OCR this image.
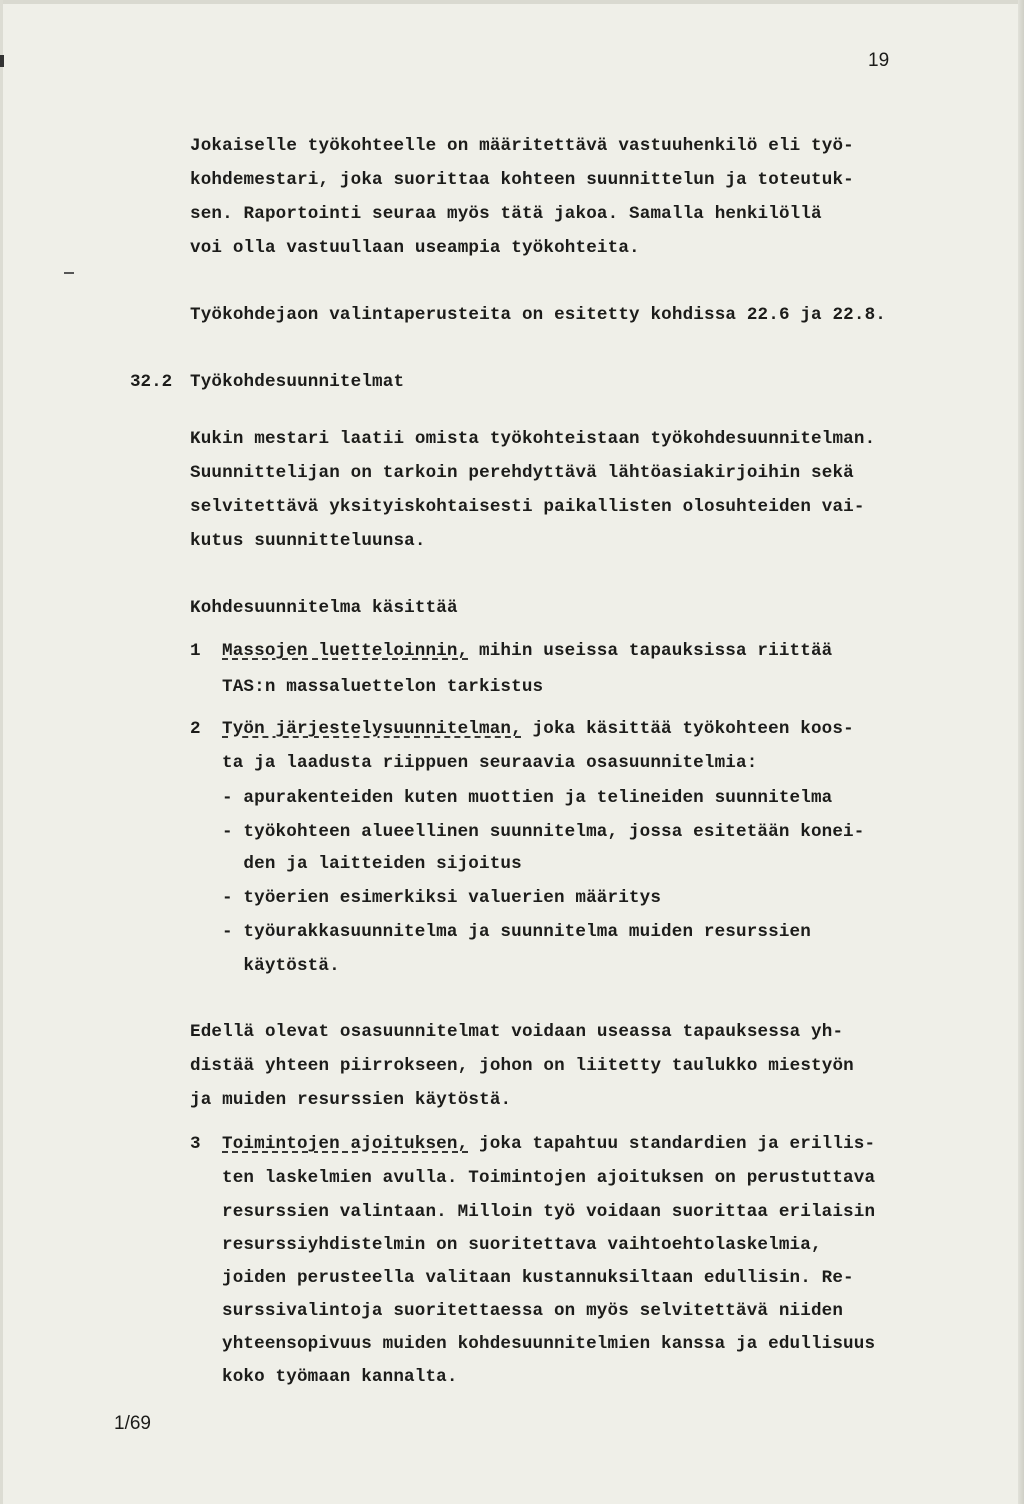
19
Jokaiselle työkohteelle on määritettävä vastuuhenkilö eli työ-
kohdemestari, joka suorittaa kohteen suunnittelun ja toteutuk-
sen. Raportointi seuraa myös tätä jakoa. Samalla henkilöllä
voi olla vastuullaan useampia työkohteita.
Työkohdejaon valintaperusteita on esitetty kohdissa 22.6 ja 22.8.
32.2 Työkohdesuunnitelmat
Kukin mestari laatii omista työkohteistaan työkohdesuunnitelman.
Suunnittelijan on tarkoin perehdyttävä lähtöasiakirjoihin sekä
selvitettävä yksityiskohtaisesti paikallisten olosuhteiden vai-
kutus suunnitteluunsa.
Kohdesuunnitelma käsittää
1 Massojen luetteloinnin, mihin useissa tapauksissa riittää
TAS:n massaluettelon tarkistus
2 Työn järjestelysuunnitelman, joka käsittää työkohteen koos-
ta ja laadusta riippuen seuraavia osasuunnitelmia:
- apurakenteiden kuten muottien ja telineiden suunnitelma
- työkohteen alueellinen suunnitelma, jossa esitetään konei-
den ja laitteiden sijoitus
- työerien esimerkiksi valuerien määritys
- työurakkasuunnitelma ja suunnitelma muiden resurssien
käytöstä.
Edellä olevat osasuunnitelmat voidaan useassa tapauksessa yh-
distää yhteen piirrokseen, johon on liitetty taulukko miestyön
ja muiden resurssien käytöstä.
3 Toimintojen ajoituksen, joka tapahtuu standardien ja erillis-
ten laskelmien avulla. Toimintojen ajoituksen on perustuttava
resurssien valintaan. Milloin työ voidaan suorittaa erilaisin
resurssiyhdistelmin on suoritettava vaihtoehtolaskelmia,
joiden perusteella valitaan kustannuksiltaan edullisin. Re-
surssivalintoja suoritettaessa on myös selvitettävä niiden
yhteensopivuus muiden kohdesuunnitelmien kanssa ja edullisuus
koko työmaan kannalta.
1/69
